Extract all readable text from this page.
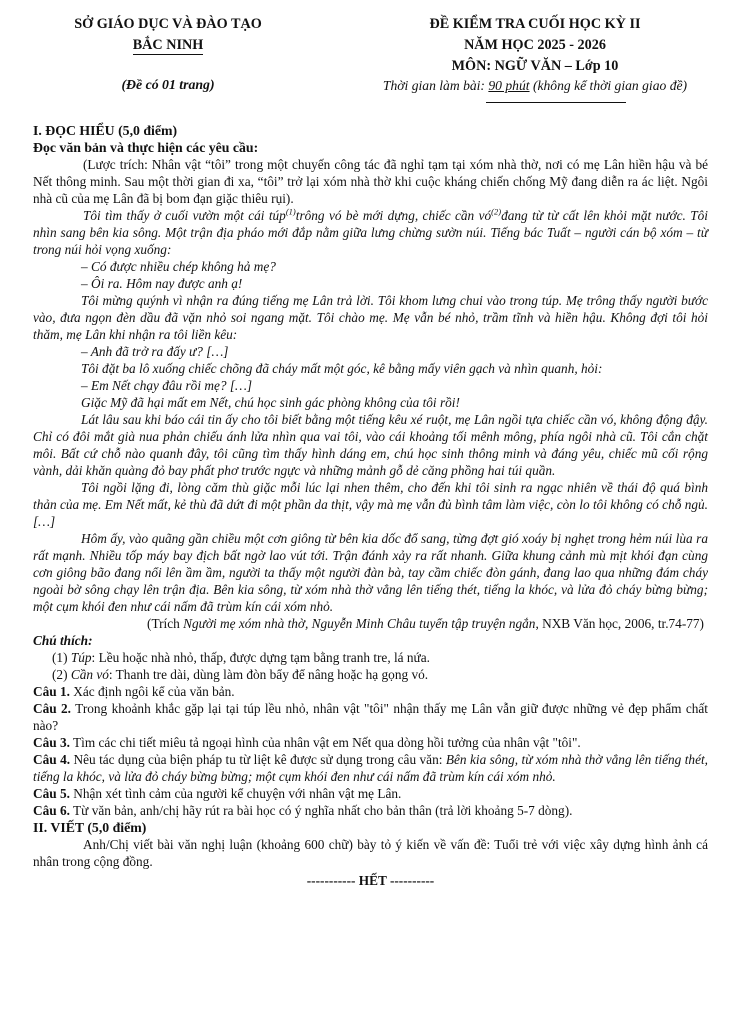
SỞ GIÁO DỤC VÀ ĐÀO TẠO
BẮC NINH
(Đề có 01 trang)
ĐỀ KIỂM TRA CUỐI HỌC KỲ II
NĂM HỌC 2025 - 2026
MÔN: NGỮ VĂN – Lớp 10
Thời gian làm bài: 90 phút (không kể thời gian giao đề)
I. ĐỌC HIỂU (5,0 điểm)
Đọc văn bản và thực hiện các yêu cầu:

(Lược trích: Nhân vật “tôi” trong một chuyến công tác đã nghỉ tạm tại xóm nhà thờ, nơi có mẹ Lân hiền hậu và bé Nết thông minh. Sau một thời gian đi xa, “tôi” trở lại xóm nhà thờ khi cuộc kháng chiến chống Mỹ đang diễn ra ác liệt. Ngôi nhà cũ của mẹ Lân đã bị bom đạn giặc thiêu rụi).

Tôi tìm thấy ở cuối vườn một cái túp$^{(1)}$trông vó bè mới dựng, chiếc cần $vó^{(2)}đang$ từ từ cất lên khỏi mặt nước. Tôi nhìn sang bên kia sông. Một trận địa pháo mới đắp nằm giữa lưng chừng sườn núi. Tiếng bác Tuất – người cán bộ xóm – từ trong núi hỏi vọng xuống:

– Có được nhiều chép không hả mẹ?

– Ôi ra. Hôm nay được anh ạ!

Tôi mừng quýnh vì nhận ra đúng tiếng mẹ Lân trả lời. Tôi khom lưng chui vào trong túp. Mẹ trông thấy người bước vào, đưa ngọn đèn dầu đã vặn nhỏ soi ngang mặt. Tôi chào mẹ. Mẹ vẫn bé nhỏ, trầm tĩnh và hiền hậu. Không đợi tôi hỏi thăm, mẹ Lân khi nhận ra tôi liền kêu:

– Anh đã trở ra đấy ư? […]

Tôi đặt ba lô xuống chiếc chõng đã cháy mất một góc, kê bằng mấy viên gạch và nhìn quanh, hỏi:

– Em Nết chạy đâu rồi mẹ? […]

Giặc Mỹ đã hại mất em Nết, chú học sinh gác phòng không của tôi rồi!

Lát lâu sau khi báo cái tin ấy cho tôi biết bằng một tiếng kêu xé ruột, mẹ Lân ngồi tựa chiếc cần vó, không động đậy. Chỉ có đôi mắt già nua phản chiếu ánh lửa nhìn qua vai tôi, vào cái khoảng tối mênh mông, phía ngôi nhà cũ. Tôi cắn chặt môi. Bất cứ chỗ nào quanh đây, tôi cũng tìm thấy hình dáng em, chú học sinh thông minh và đáng yêu, chiếc mũ cối rộng vành, dải khăn quàng đỏ bay phất phơ trước ngực và những mảnh gỗ dẻ căng phồng hai túi quần.

Tôi ngồi lặng đi, lòng căm thù giặc mỗi lúc lại nhen thêm, cho đến khi tôi sinh ra ngạc nhiên về thái độ quá bình thản của mẹ. Em Nết mất, kẻ thù đã dứt đi một phần da thịt, vậy mà mẹ vẫn đủ bình tâm làm việc, còn lo tôi không có chỗ ngủ. […]

Hôm ấy, vào quãng gần chiều một cơn giông từ bên kia dốc đổ sang, từng đợt gió xoáy bị nghẹt trong hẻm núi lùa ra rất mạnh. Nhiều tốp máy bay địch bất ngờ lao vút tới. Trận đánh xảy ra rất nhanh. Giữa khung cảnh mù mịt khói đạn cùng cơn giông bão đang nổi lên ầm ầm, người ta thấy một người đàn bà, tay cầm chiếc đòn gánh, đang lao qua những đám cháy ngoài bờ sông chạy lên trận địa. Bên kia sông, từ xóm nhà thờ vẳng lên tiếng thét, tiếng la khóc, và lửa đỏ cháy bừng bừng; một cụm khói đen như cái nấm đã trùm kín cái xóm nhỏ.

(Trích Người mẹ xóm nhà thờ, Nguyễn Minh Châu tuyển tập truyện ngắn, NXB Văn học, 2006, tr.74-77)

Chú thích:

(1) Túp: Lều hoặc nhà nhỏ, thấp, được dựng tạm bằng tranh tre, lá nứa.

(2) Cần vó: Thanh tre dài, dùng làm đòn bẩy để nâng hoặc hạ gọng vó.

Câu 1. Xác định ngôi kể của văn bản.

Câu 2. Trong khoảnh khắc gặp lại tại túp lều nhỏ, nhân vật "tôi" nhận thấy mẹ Lân vẫn giữ được những vẻ đẹp phẩm chất nào?

Câu 3. Tìm các chi tiết miêu tả ngoại hình của nhân vật em Nết qua dòng hồi tưởng của nhân vật "tôi".

Câu 4. Nêu tác dụng của biện pháp tu từ liệt kê được sử dụng trong câu văn: Bên kia sông, từ xóm nhà thờ vẳng lên tiếng thét, tiếng la khóc, và lửa đỏ cháy bừng bừng; một cụm khói đen như cái nấm đã trùm kín cái xóm nhỏ.

Câu 5. Nhận xét tình cảm của người kể chuyện với nhân vật mẹ Lân.

Câu 6. Từ văn bản, anh/chị hãy rút ra bài học có ý nghĩa nhất cho bản thân (trả lời khoảng 5-7 dòng).

II. VIẾT (5,0 điểm)

Anh/Chị viết bài văn nghị luận (khoảng 600 chữ) bày tỏ ý kiến về vấn đề: Tuổi trẻ với việc xây dựng hình ảnh cá nhân trong cộng đồng.

----------- HẾT ----------
